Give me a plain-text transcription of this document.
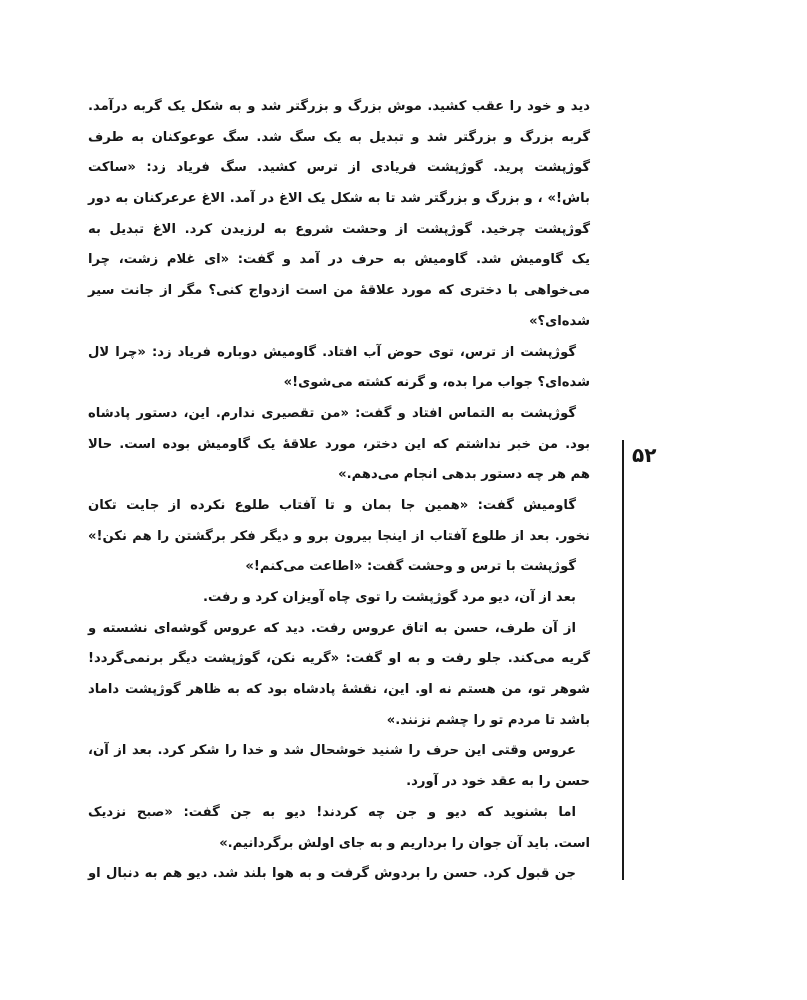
دید و خود را عقب کشید. موش بزرگ و بزرگتر شد و به شکل یک گربه درآمد.
گربه بزرگ و بزرگتر شد و تبدیل به یک سگ شد. سگ عوعوکنان به طرف
گوژپشت پرید. گوژپشت فریادی از ترس کشید. سگ فریاد زد: «ساکت
باش!» ، و بزرگ و بزرگتر شد تا به شکل یک الاغ در آمد. الاغ عرعرکنان به دور
گوژپشت چرخید. گوژپشت از وحشت شروع به لرزیدن کرد. الاغ تبدیل به
یک گاومیش شد. گاومیش به حرف در آمد و گفت: «ای غلام زشت، چرا
می‌خواهی با دختری که مورد علاقهٔ من است ازدواج کنی؟ مگر از جانت سیر
شده‌ای؟»
گوژپشت از ترس، توی حوض آب افتاد. گاومیش دوباره فریاد زد: «چرا لال
شده‌ای؟ جواب مرا بده، و گرنه کشته می‌شوی!»
گوژپشت به التماس افتاد و گفت: «من تقصیری ندارم. این، دستور پادشاه
بود. من خبر نداشتم که این دختر، مورد علاقهٔ یک گاومیش بوده است. حالا
هم هر چه دستور بدهی انجام می‌دهم.»
گاومیش گفت: «همین جا بمان و تا آفتاب طلوع نکرده از جایت تکان
نخور. بعد از طلوع آفتاب از اینجا بیرون برو و دیگر فکر برگشتن را هم نکن!»
گوژپشت با ترس و وحشت گفت: «اطاعت می‌کنم!»
بعد از آن، دیو مرد گوژپشت را توی چاه آویزان کرد و رفت.
از آن طرف، حسن به اتاق عروس رفت. دید که عروس گوشه‌ای نشسته و
گریه می‌کند. جلو رفت و به او گفت: «گریه نکن، گوژپشت دیگر برنمی‌گردد!
شوهر تو، من هستم نه او. این، نقشهٔ پادشاه بود که به ظاهر گوژپشت داماد
باشد تا مردم تو را چشم نزنند.»
عروس وقتی این حرف را شنید خوشحال شد و خدا را شکر کرد. بعد از آن،
حسن را به عقد خود در آورد.
اما بشنوید که دیو و جن چه کردند! دیو به جن گفت: «صبح نزدیک
است. باید آن جوان را برداریم و به جای اولش برگردانیم.»
جن قبول کرد. حسن را بردوش گرفت و به هوا بلند شد. دیو هم به دنبال او
۵۲
